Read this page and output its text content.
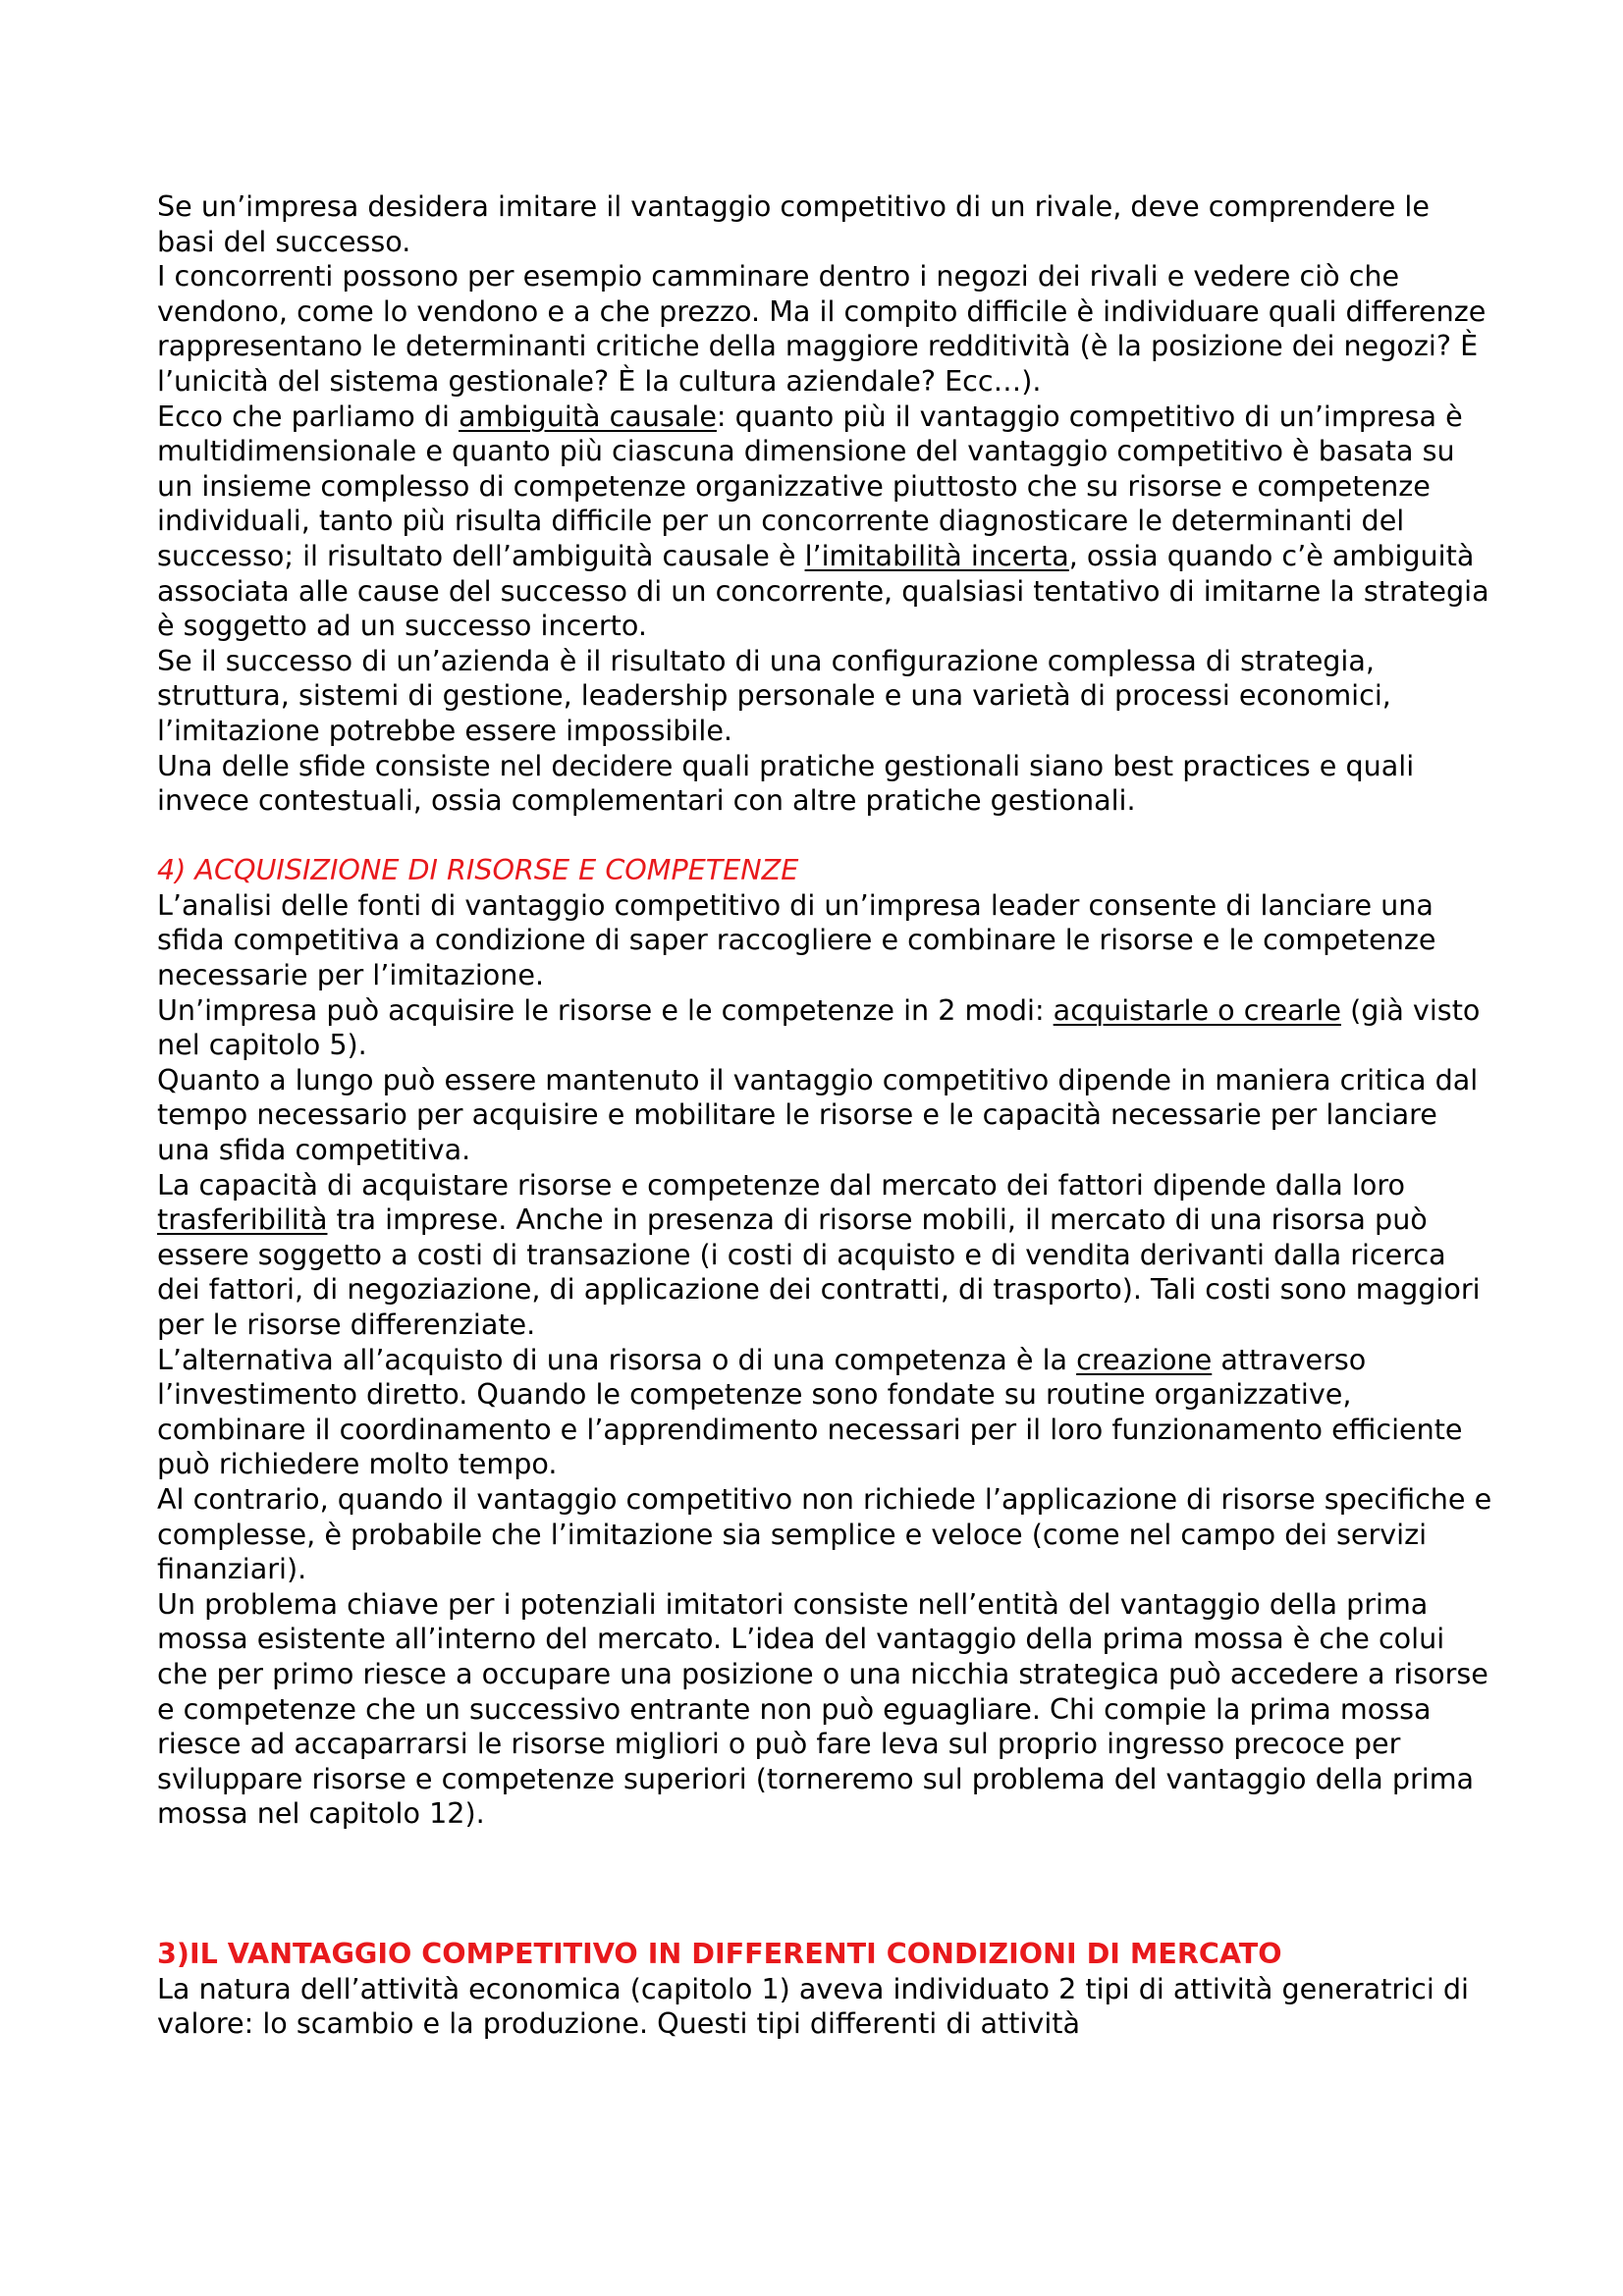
Se un’impresa desidera imitare il vantaggio competitivo di un rivale, deve comprendere le basi del successo.

I concorrenti possono per esempio camminare dentro i negozi dei rivali e vedere ciò che vendono, come lo vendono e a che prezzo. Ma il compito difficile è individuare quali differenze rappresentano le determinanti critiche della maggiore redditività (è la posizione dei negozi? È l’unicità del sistema gestionale? È la cultura aziendale? Ecc…).

Ecco che parliamo di ambiguità causale: quanto più il vantaggio competitivo di un’impresa è multidimensionale e quanto più ciascuna dimensione del vantaggio competitivo è basata su un insieme complesso di competenze organizzative piuttosto che su risorse e competenze individuali, tanto più risulta difficile per un concorrente diagnosticare le determinanti del successo; il risultato dell’ambiguità causale è l’imitabilità incerta, ossia quando c’è ambiguità associata alle cause del successo di un concorrente, qualsiasi tentativo di imitarne la strategia è soggetto ad un successo incerto.

Se il successo di un’azienda è il risultato di una configurazione complessa di strategia, struttura, sistemi di gestione, leadership personale e una varietà di processi economici, l’imitazione potrebbe essere impossibile.

Una delle sfide consiste nel decidere quali pratiche gestionali siano best practices e quali invece contestuali, ossia complementari con altre pratiche gestionali.

4) ACQUISIZIONE DI RISORSE E COMPETENZE

L’analisi delle fonti di vantaggio competitivo di un’impresa leader consente di lanciare una sfida competitiva a condizione di saper raccogliere e combinare le risorse e le competenze necessarie per l’imitazione.

Un’impresa può acquisire le risorse e le competenze in 2 modi: acquistarle o crearle (già visto nel capitolo 5).

Quanto a lungo può essere mantenuto il vantaggio competitivo dipende in maniera critica dal tempo necessario per acquisire e mobilitare le risorse e le capacità necessarie per lanciare una sfida competitiva.

La capacità di acquistare risorse e competenze dal mercato dei fattori dipende dalla loro trasferibilità tra imprese. Anche in presenza di risorse mobili, il mercato di una risorsa può essere soggetto a costi di transazione (i costi di acquisto e di vendita derivanti dalla ricerca dei fattori, di negoziazione, di applicazione dei contratti, di trasporto). Tali costi sono maggiori per le risorse differenziate.

L’alternativa all’acquisto di una risorsa o di una competenza è la creazione attraverso l’investimento diretto. Quando le competenze sono fondate su routine organizzative, combinare il coordinamento e l’apprendimento necessari per il loro funzionamento efficiente può richiedere molto tempo.

Al contrario, quando il vantaggio competitivo non richiede l’applicazione di risorse specifiche e complesse, è probabile che l’imitazione sia semplice e veloce (come nel campo dei servizi finanziari).

Un problema chiave per i potenziali imitatori consiste nell’entità del vantaggio della prima mossa esistente all’interno del mercato. L’idea del vantaggio della prima mossa è che colui che per primo riesce a occupare una posizione o una nicchia strategica può accedere a risorse e competenze che un successivo entrante non può eguagliare. Chi compie la prima mossa riesce ad accaparrarsi le risorse migliori o può fare leva sul proprio ingresso precoce per sviluppare risorse e competenze superiori (torneremo sul problema del vantaggio della prima mossa nel capitolo 12).

3)IL VANTAGGIO COMPETITIVO IN DIFFERENTI CONDIZIONI DI MERCATO

La natura dell’attività economica (capitolo 1) aveva individuato 2 tipi di attività generatrici di valore: lo scambio e la produzione. Questi tipi differenti di attività
